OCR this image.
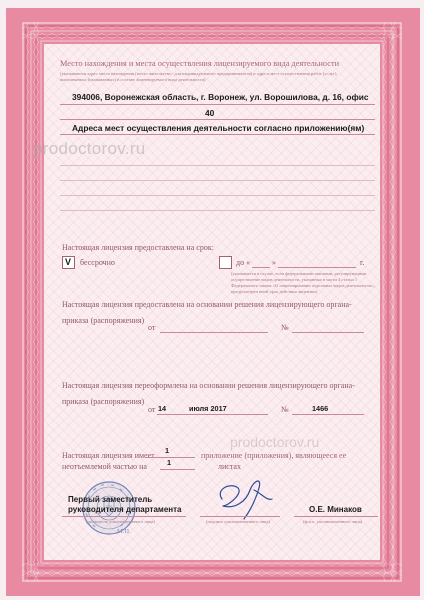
Место нахождения и места осуществления лицензируемого вида деятельности
(указываются адрес места нахождения (место жительства - для индивидуального предпринимателя) и адреса мест осуществления работ (услуг),
выполняемых (оказываемых) в составе лицензируемого вида деятельности)
394006, Воронежская область, г. Воронеж, ул. Ворошилова, д. 16, офис
40
Адреса мест осуществления деятельности согласно приложению(ям)
prodoctorov.ru
Настоящая лицензия предоставлена на срок:
V бессрочно	до «	»	г.
(указывается в случае, если федеральными законами, регулирующими
осуществление видов деятельности, указанных в части 4 статьи 1
Федерального закона «О лицензировании отдельных видов деятельности»,
предусмотрен иной срок действия лицензии)
Настоящая лицензия предоставлена на основании решения лицензирующего органа-
приказа (распоряжения)
от	№
Настоящая лицензия переоформлена на основании решения лицензирующего органа-
приказа (распоряжения)
от 14	июля 2017	№	1466
Настоящая лицензия имеет
1
приложение (приложения), являющееся ее
неотъемлемой частью на	1	листах
prodoctorov.ru
Первый заместитель
руководителя департамента
(должность уполномоченного лица)	(подпись уполномоченного лица)
О.Е. Минаков
(ф.и.о. уполномоченного лица)
М.П.
